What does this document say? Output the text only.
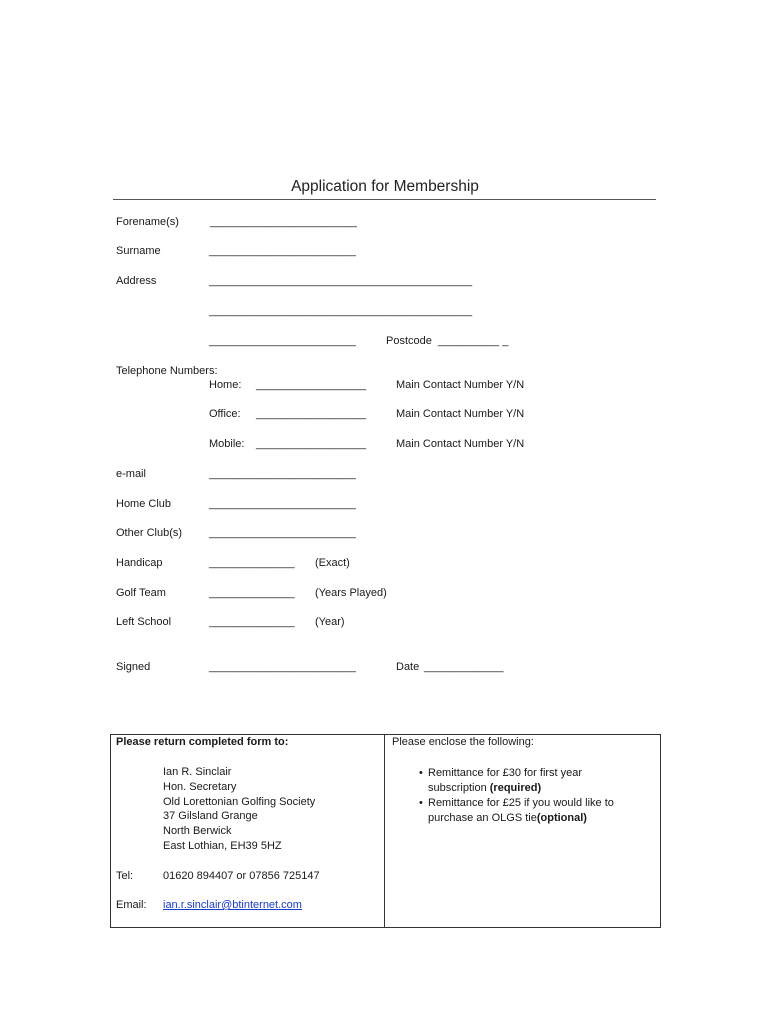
Application for Membership
Forename(s)	________________________
Surname	________________________
Address	___________________________________________
___________________________________________
________________________	Postcode __________ _
Telephone Numbers:
Home: __________________	Main Contact Number Y/N
Office: __________________	Main Contact Number Y/N
Mobile: __________________	Main Contact Number Y/N
e-mail	________________________
Home Club	________________________
Other Club(s) ________________________
Handicap	______________ (Exact)
Golf Team	______________ (Years Played)
Left School	______________ (Year)
Signed	________________________	Date _____________
Please return completed form to:
Ian R. Sinclair
Hon. Secretary
Old Lorettonian Golfing Society
37 Gilsland Grange
North Berwick
East Lothian, EH39 5HZ
Tel:	01620 894407 or 07856 725147
Email: ian.r.sinclair@btinternet.com
Please enclose the following:
• Remittance for £30 for first year
subscription (required)
• Remittance for £25 if you would like to
purchase an OLGS tie(optional)
